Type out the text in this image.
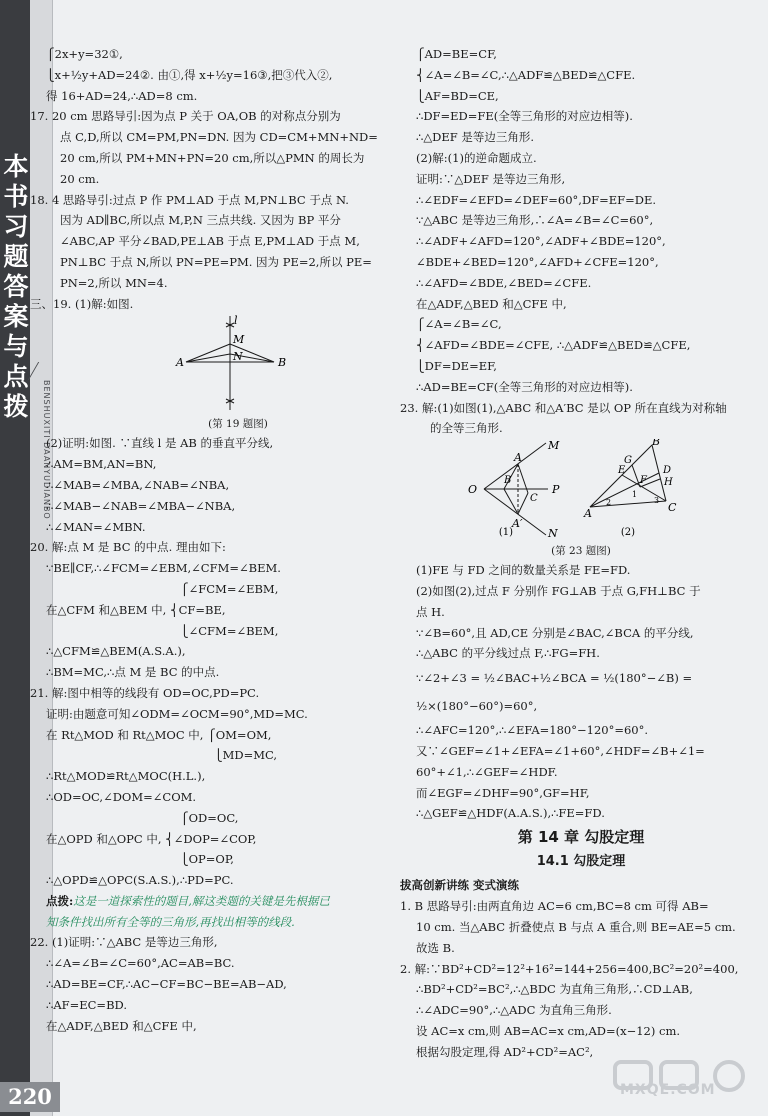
本
书
习
题
答
案
与
点
拨	BENSHUXITI DAANYUDIANBO
220
⎧2x+y=32①,
⎩x+½y+AD=24②. 由①,得 x+½y=16③,把③代入②,
得 16+AD=24,∴AD=8 cm.
17. 20 cm 思路导引:因为点 P 关于 OA,OB 的对称点分别为
点 C,D,所以 CM=PM,PN=DN. 因为 CD=CM+MN+ND=
20 cm,所以 PM+MN+PN=20 cm,所以△PMN 的周长为
20 cm.
18. 4 思路导引:过点 P 作 PM⊥AD 于点 M,PN⊥BC 于点 N.
因为 AD∥BC,所以点 M,P,N 三点共线. 又因为 BP 平分
∠ABC,AP 平分∠BAD,PE⊥AB 于点 E,PM⊥AD 于点 M,
PN⊥BC 于点 N,所以 PN=PE=PM. 因为 PE=2,所以 PE=
PN=2,所以 MN=4.
三、19. (1)解:如图.
l
M
N
A	B
(第 19 题图)
(2)证明:如图. ∵直线 l 是 AB 的垂直平分线,
∴AM=BM,AN=BN,
∴∠MAB=∠MBA,∠NAB=∠NBA,
∴∠MAB−∠NAB=∠MBA−∠NBA,
∴∠MAN=∠MBN.
20. 解:点 M 是 BC 的中点. 理由如下:
∵BE∥CF,∴∠FCM=∠EBM,∠CFM=∠BEM.
⎧∠FCM=∠EBM,
在△CFM 和△BEM 中, ⎨CF=BE,
⎩∠CFM=∠BEM,
∴△CFM≌△BEM(A.S.A.),
∴BM=MC,∴点 M 是 BC 的中点.
21. 解:图中相等的线段有 OD=OC,PD=PC.
证明:由题意可知∠ODM=∠OCM=90°,MD=MC.
在 Rt△MOD 和 Rt△MOC 中, ⎧OM=OM,
⎩MD=MC,
∴Rt△MOD≌Rt△MOC(H.L.),
∴OD=OC,∠DOM=∠COM.
⎧OD=OC,
在△OPD 和△OPC 中, ⎨∠DOP=∠COP,
⎩OP=OP,
∴△OPD≌△OPC(S.A.S.),∴PD=PC.
点拨:这是一道探索性的题目,解这类题的关键是先根据已
知条件找出所有全等的三角形,再找出相等的线段.
22. (1)证明:∵△ABC 是等边三角形,
∴∠A=∠B=∠C=60°,AC=AB=BC.
∴AD=BE=CF,∴AC−CF=BC−BE=AB−AD,
∴AF=EC=BD.
在△ADF,△BED 和△CFE 中,
⎧AD=BE=CF,
⎨∠A=∠B=∠C,∴△ADF≌△BED≌△CFE.
⎩AF=BD=CE,
∴DF=ED=FE(全等三角形的对应边相等).
∴△DEF 是等边三角形.
(2)解:(1)的逆命题成立.
证明:∵△DEF 是等边三角形,
∴∠EDF=∠EFD=∠DEF=60°,DF=EF=DE.
∵△ABC 是等边三角形,∴∠A=∠B=∠C=60°,
∴∠ADF+∠AFD=120°,∠ADF+∠BDE=120°,
∠BDE+∠BED=120°,∠AFD+∠CFE=120°,
∴∠AFD=∠BDE,∠BED=∠CFE.
在△ADF,△BED 和△CFE 中,
⎧∠A=∠B=∠C,
⎨∠AFD=∠BDE=∠CFE, ∴△ADF≌△BED≌△CFE,
⎩DF=DE=EF,
∴AD=BE=CF(全等三角形的对应边相等).
23. 解:(1)如图(1),△ABC 和△A′BC 是以 OP 所在直线为对称轴
的全等三角形.
O	P
M
N
A
A′
B
C
A
B
C
D
E
F
G
H
1
2	3
(1)	(2)
(第 23 题图)
(1)FE 与 FD 之间的数量关系是 FE=FD.
(2)如图(2),过点 F 分别作 FG⊥AB 于点 G,FH⊥BC 于
点 H.
∵∠B=60°,且 AD,CE 分别是∠BAC,∠BCA 的平分线,
∴△ABC 的平分线过点 F,∴FG=FH.
∵∠2+∠3 = ½∠BAC+½∠BCA = ½(180°−∠B) =
½×(180°−60°)=60°,
∴∠AFC=120°,∴∠EFA=180°−120°=60°.
又∵∠GEF=∠1+∠EFA=∠1+60°,∠HDF=∠B+∠1=
60°+∠1,∴∠GEF=∠HDF.
而∠EGF=∠DHF=90°,GF=HF,
∴△GEF≌△HDF(A.A.S.),∴FE=FD.
第 14 章 勾股定理
14.1 勾股定理
拔高创新讲练 变式演练
1. B 思路导引:由两直角边 AC=6 cm,BC=8 cm 可得 AB=
10 cm. 当△ABC 折叠使点 B 与点 A 重合,则 BE=AE=5 cm.
故选 B.
2. 解:∵BD²+CD²=12²+16²=144+256=400,BC²=20²=400,
∴BD²+CD²=BC²,∴△BDC 为直角三角形,∴CD⊥AB,
∴∠ADC=90°,∴△ADC 为直角三角形.
设 AC=x cm,则 AB=AC=x cm,AD=(x−12) cm.
根据勾股定理,得 AD²+CD²=AC²,
MXQE.COM
